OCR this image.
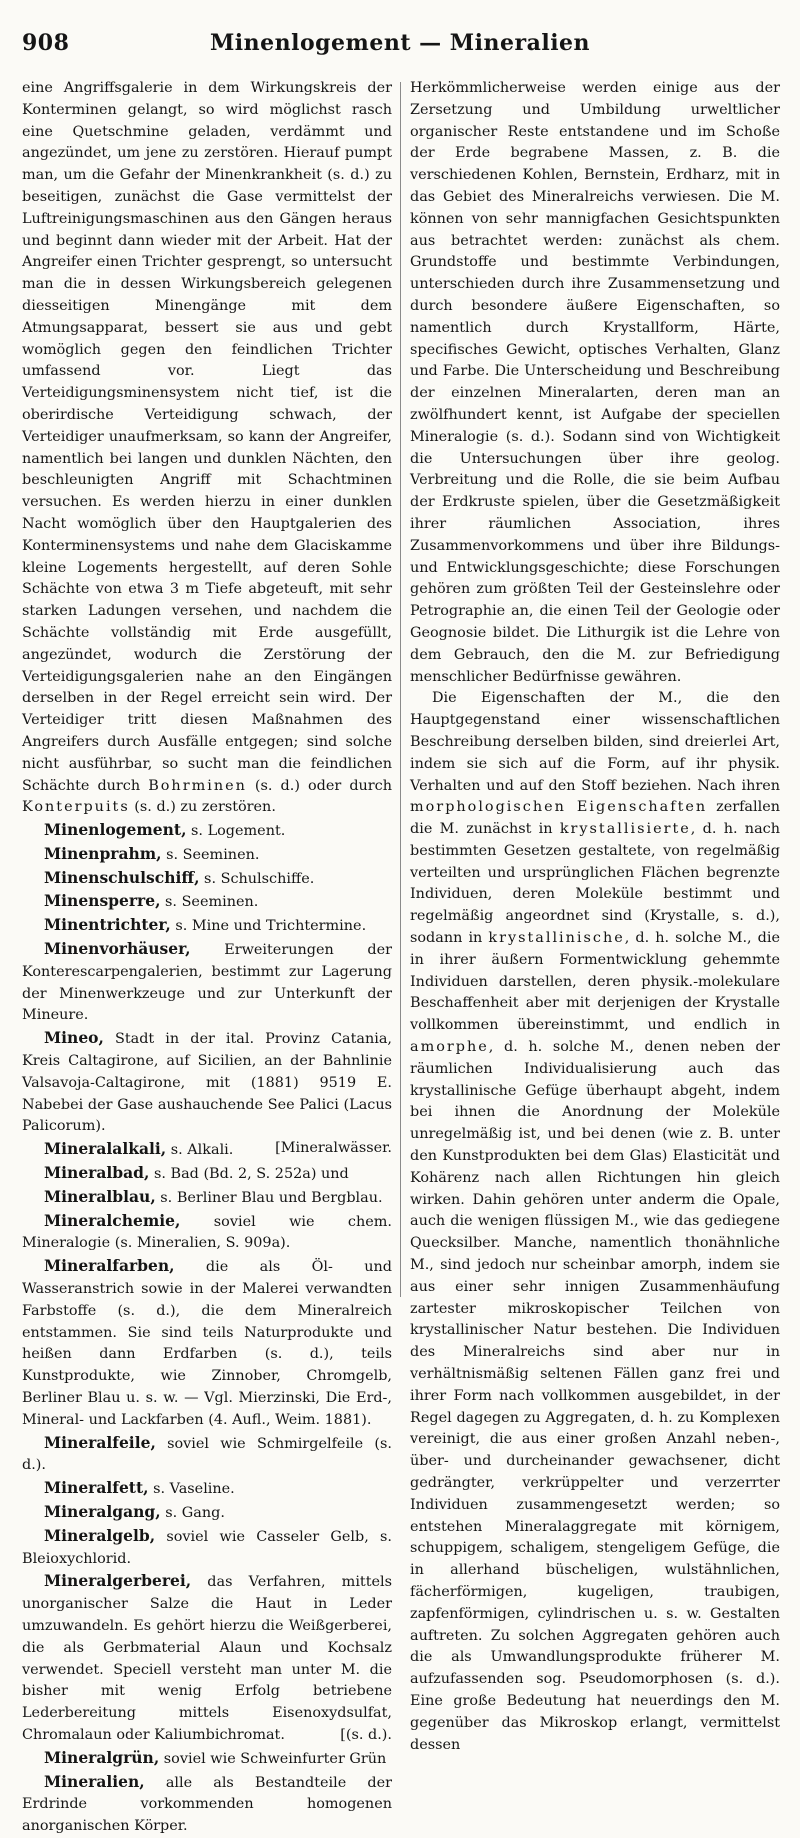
908	Minenlogement — Mineralien

eine Angriffsgalerie in dem Wirkungskreis der Konterminen gelangt, so wird möglichst rasch eine Quetschmine geladen, verdämmt und angezündet, um jene zu zerstören. Hierauf pumpt man, um die Gefahr der Minenkrankheit (s. d.) zu beseitigen, zunächst die Gase vermittelst der Luftreinigungsmaschinen aus den Gängen heraus und beginnt dann wieder mit der Arbeit. Hat der Angreifer einen Trichter gesprengt, so untersucht man die in dessen Wirkungsbereich gelegenen diesseitigen Minengänge mit dem Atmungsapparat, bessert sie aus und gebt womöglich gegen den feindlichen Trichter umfassend vor. Liegt das Verteidigungsminensystem nicht tief, ist die oberirdische Verteidigung schwach, der Verteidiger unaufmerksam, so kann der Angreifer, namentlich bei langen und dunklen Nächten, den beschleunigten Angriff mit Schachtminen versuchen. Es werden hierzu in einer dunklen Nacht womöglich über den Hauptgalerien des Konterminensystems und nahe dem Glaciskamme kleine Logements hergestellt, auf deren Sohle Schächte von etwa 3 m Tiefe abgeteuft, mit sehr starken Ladungen versehen, und nachdem die Schächte vollständig mit Erde ausgefüllt, angezündet, wodurch die Zerstörung der Verteidigungsgalerien nahe an den Eingängen derselben in der Regel erreicht sein wird. Der Verteidiger tritt diesen Maßnahmen des Angreifers durch Ausfälle entgegen; sind solche nicht ausführbar, so sucht man die feindlichen Schächte durch Bohrminen (s. d.) oder durch Konterpuits (s. d.) zu zerstören.

Minenlogement, s. Logement.

Minenprahm, s. Seeminen.

Minenschulschiff, s. Schulschiffe.

Minensperre, s. Seeminen.

Minentrichter, s. Mine und Trichtermine.

Minenvorhäuser, Erweiterungen der Konterescarpengalerien, bestimmt zur Lagerung der Minenwerkzeuge und zur Unterkunft der Mineure.

Mineo, Stadt in der ital. Provinz Catania, Kreis Caltagirone, auf Sicilien, an der Bahnlinie Valsavoja-Caltagirone, mit (1881) 9519 E. Nabebei der Gase aushauchende See Palici (Lacus Palicorum).

Mineralalkali, s. Alkali.	[Mineralwässer.

Mineralbad, s. Bad (Bd. 2, S. 252a) und

Mineralblau, s. Berliner Blau und Bergblau.

Mineralchemie, soviel wie chem. Mineralogie (s. Mineralien, S. 909a).

Mineralfarben, die als Öl- und Wasseranstrich sowie in der Malerei verwandten Farbstoffe (s. d.), die dem Mineralreich entstammen. Sie sind teils Naturprodukte und heißen dann Erdfarben (s. d.), teils Kunstprodukte, wie Zinnober, Chromgelb, Berliner Blau u. s. w. — Vgl. Mierzinski, Die Erd-, Mineral- und Lackfarben (4. Aufl., Weim. 1881).

Mineralfeile, soviel wie Schmirgelfeile (s. d.).

Mineralfett, s. Vaseline.

Mineralgang, s. Gang.

Mineralgelb, soviel wie Casseler Gelb, s. Bleioxychlorid.

Mineralgerberei, das Verfahren, mittels unorganischer Salze die Haut in Leder umzuwandeln. Es gehört hierzu die Weißgerberei, die als Gerbmaterial Alaun und Kochsalz verwendet. Speciell versteht man unter M. die bisher mit wenig Erfolg betriebene Lederbereitung mittels Eisenoxydsulfat, Chromalaun oder Kaliumbichromat.	[(s. d.).

Mineralgrün, soviel wie Schweinfurter Grün

Mineralien, alle als Bestandteile der Erdrinde vorkommenden homogenen anorganischen Körper.

Herkömmlicherweise werden einige aus der Zersetzung und Umbildung urweltlicher organischer Reste entstandene und im Schoße der Erde begrabene Massen, z. B. die verschiedenen Kohlen, Bernstein, Erdharz, mit in das Gebiet des Mineralreichs verwiesen. Die M. können von sehr mannigfachen Gesichtspunkten aus betrachtet werden: zunächst als chem. Grundstoffe und bestimmte Verbindungen, unterschieden durch ihre Zusammensetzung und durch besondere äußere Eigenschaften, so namentlich durch Krystallform, Härte, specifisches Gewicht, optisches Verhalten, Glanz und Farbe. Die Unterscheidung und Beschreibung der einzelnen Mineralarten, deren man an zwölfhundert kennt, ist Aufgabe der speciellen Mineralogie (s. d.). Sodann sind von Wichtigkeit die Untersuchungen über ihre geolog. Verbreitung und die Rolle, die sie beim Aufbau der Erdkruste spielen, über die Gesetzmäßigkeit ihrer räumlichen Association, ihres Zusammenvorkommens und über ihre Bildungs- und Entwicklungsgeschichte; diese Forschungen gehören zum größten Teil der Gesteinslehre oder Petrographie an, die einen Teil der Geologie oder Geognosie bildet. Die Lithurgik ist die Lehre von dem Gebrauch, den die M. zur Befriedigung menschlicher Bedürfnisse gewähren.

Die Eigenschaften der M., die den Hauptgegenstand einer wissenschaftlichen Beschreibung derselben bilden, sind dreierlei Art, indem sie sich auf die Form, auf ihr physik. Verhalten und auf den Stoff beziehen. Nach ihren morphologischen Eigenschaften zerfallen die M. zunächst in krystallisierte, d. h. nach bestimmten Gesetzen gestaltete, von regelmäßig verteilten und ursprünglichen Flächen begrenzte Individuen, deren Moleküle bestimmt und regelmäßig angeordnet sind (Krystalle, s. d.), sodann in krystallinische, d. h. solche M., die in ihrer äußern Formentwicklung gehemmte Individuen darstellen, deren physik.-molekulare Beschaffenheit aber mit derjenigen der Krystalle vollkommen übereinstimmt, und endlich in amorphe, d. h. solche M., denen neben der räumlichen Individualisierung auch das krystallinische Gefüge überhaupt abgeht, indem bei ihnen die Anordnung der Moleküle unregelmäßig ist, und bei denen (wie z. B. unter den Kunstprodukten bei dem Glas) Elasticität und Kohärenz nach allen Richtungen hin gleich wirken. Dahin gehören unter anderm die Opale, auch die wenigen flüssigen M., wie das gediegene Quecksilber. Manche, namentlich thonähnliche M., sind jedoch nur scheinbar amorph, indem sie aus einer sehr innigen Zusammenhäufung zartester mikroskopischer Teilchen von krystallinischer Natur bestehen. Die Individuen des Mineralreichs sind aber nur in verhältnismäßig seltenen Fällen ganz frei und ihrer Form nach vollkommen ausgebildet, in der Regel dagegen zu Aggregaten, d. h. zu Komplexen vereinigt, die aus einer großen Anzahl neben-, über- und durcheinander gewachsener, dicht gedrängter, verkrüppelter und verzerrter Individuen zusammengesetzt werden; so entstehen Mineralaggregate mit körnigem, schuppigem, schaligem, stengeligem Gefüge, die in allerhand büscheligen, wulstähnlichen, fächerförmigen, kugeligen, traubigen, zapfenförmigen, cylindrischen u. s. w. Gestalten auftreten. Zu solchen Aggregaten gehören auch die als Umwandlungsprodukte früherer M. aufzufassenden sog. Pseudomorphosen (s. d.). Eine große Bedeutung hat neuerdings den M. gegenüber das Mikroskop erlangt, vermittelst dessen
